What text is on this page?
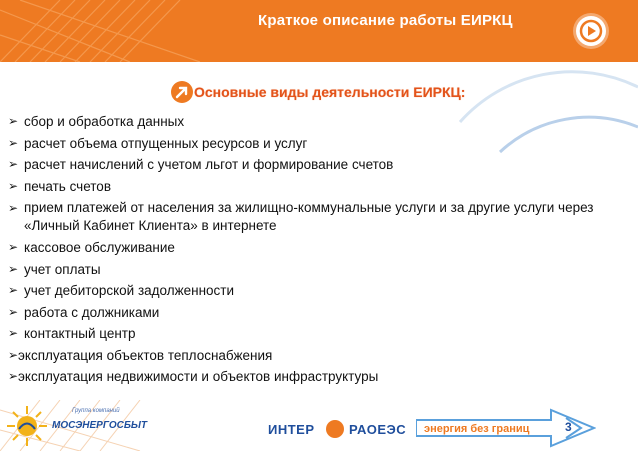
Краткое описание работы ЕИРКЦ
Основные виды деятельности ЕИРКЦ:
➢ сбор и обработка данных
➢ расчет объема отпущенных ресурсов и услуг
➢ расчет начислений с учетом льгот и формирование счетов
➢ печать счетов
➢ прием платежей от населения за жилищно-коммунальные услуги и за другие услуги через «Личный Кабинет Клиента» в интернете
➢ кассовое обслуживание
➢ учет оплаты
➢ учет дебиторской задолженности
➢ работа с должниками
➢ контактный центр
➢ эксплуатация объектов теплоснабжения
➢ эксплуатация недвижимости и объектов инфраструктуры
Группа компаний
МОСЭНЕРГОСБЫТ	ИНТЕР	РАОЕЭС энергия без границ	3
